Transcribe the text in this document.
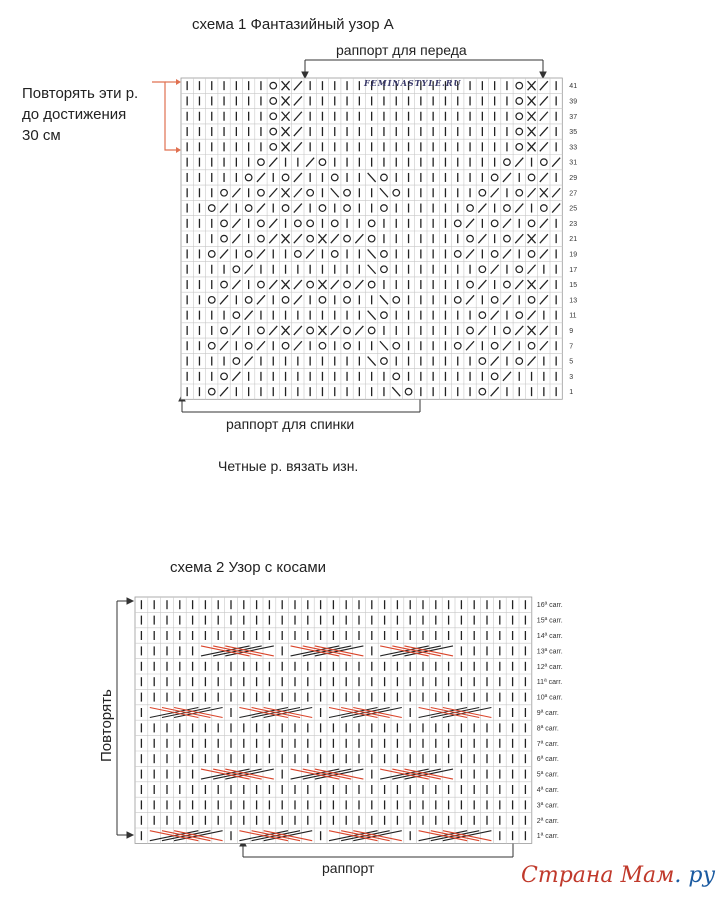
схема 1 Фантазийный узор А
раппорт для переда
Повторять эти р.
до достижения
30 см
41
39
37
35
33
31
29
27
25
23
21
19
17
15
13
11
9
7
5
3
1
FEMINASTYLE.RU
раппорт для спинки
Четные р. вязать изн.
схема 2 Узор с косами
16ª carr.
15ª carr.
14ª carr.
13ª carr.
12ª carr.
11ª carr.
10ª carr.
9ª carr.
8ª carr.
7ª carr.
6ª carr.
5ª carr.
4ª carr.
3ª carr.
2ª carr.
1ª carr.
Повторять
раппорт	Страна Мам. ру
